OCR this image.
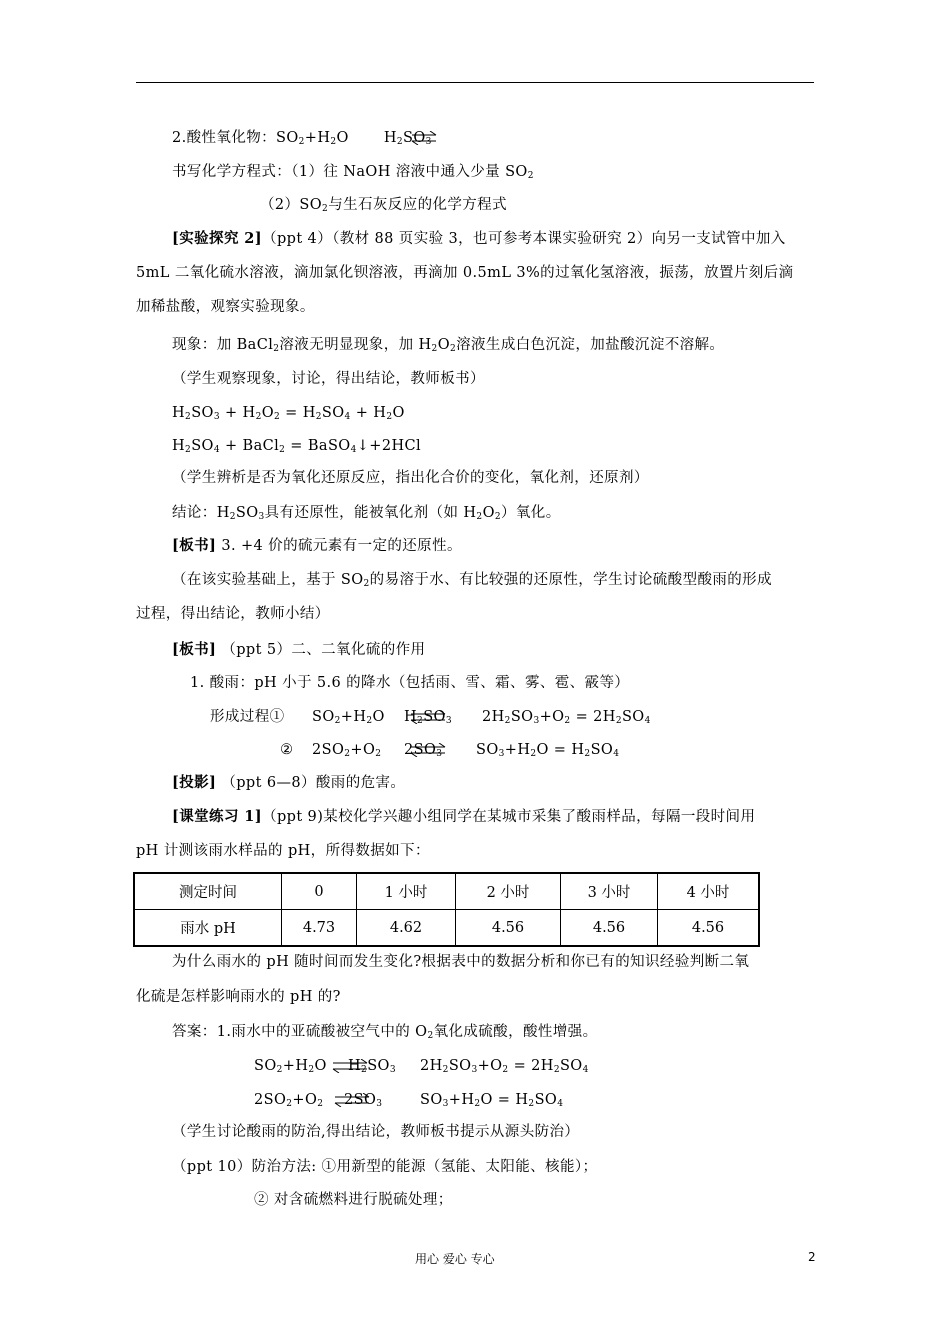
2.酸性氧化物：$SO_2+H_2O$ $H_2SO_3$
书写化学方程式：（1）往 NaOH 溶液中通入少量 $SO_2$
$(2)SO_2$与生石灰反应的化学方程式
[实验探究 2]（ppt 4）（教材 88 页实验 3，也可参考本课实验研究 2）向另一支试管中加入
5mL 二氧化硫水溶液，滴加氯化钡溶液，再滴加 0.5mL 3%的过氧化氢溶液，振荡，放置片刻后滴
加稀盐酸，观察实验现象。
现象：加 BaCl$_2$溶液无明显现象，加 $H_2O_2$溶液生成白色沉淀，加盐酸沉淀不溶解。
（学生观察现象，讨论，得出结论，教师板书）
$H_2SO_3 + H_2O_2 = H_2SO_4 + H_2O$
$H_2SO_4$ + BaCl$_2$ = BaSO$_4$↓+2HCl
（学生辨析是否为氧化还原反应，指出化合价的变化，氧化剂，还原剂）
结论：$H_2SO_3$具有还原性，能被氧化剂（如 $H_2O_2$）氧化。
[板书] 3. +4 价的硫元素有一定的还原性。
（在该实验基础上，基于 $SO_2$的易溶于水、有比较强的还原性，学生讨论硫酸型酸雨的形成
过程，得出结论，教师小结）
[板书] （ppt 5）二、二氧化硫的作用
1. 酸雨：pH 小于 5.6 的降水（包括雨、雪、霜、雾、雹、霰等）
形成过程① $SO_2+H_2O$ $H_2SO_3$ $2H_2SO_3+O_2 = 2H_2SO_4$
② $2SO_2+O_2$ $2SO_3$ $SO_3+H_2O = H_2SO_4$
[投影] （ppt 6—8）酸雨的危害。
[课堂练习 1]（ppt 9)某校化学兴趣小组同学在某城市采集了酸雨样品，每隔一段时间用
pH 计测该雨水样品的 pH，所得数据如下：
测定时间	0	1 小时	2 小时	3 小时	4 小时
雨水 pH	4.73	4.62	4.56	4.56	4.56
为什么雨水的 pH 随时间而发生变化?根据表中的数据分析和你已有的知识经验判断二氧
化硫是怎样影响雨水的 pH 的?
答案：1.雨水中的亚硫酸被空气中的 $O_2$氧化成硫酸，酸性增强。
$SO_2+H_2O$ $H_2SO_3$ $2H_2SO_3+O_2 = 2H_2SO_4$
$2SO_2+O_2$ $2SO_3$	$SO_3+H_2O = H_2SO_4$
（学生讨论酸雨的防治,得出结论，教师板书提示从源头防治）
（ppt 10）防治方法: ①用新型的能源（氢能、太阳能、核能）；
② 对含硫燃料进行脱硫处理；
用心 爱心 专心	2
